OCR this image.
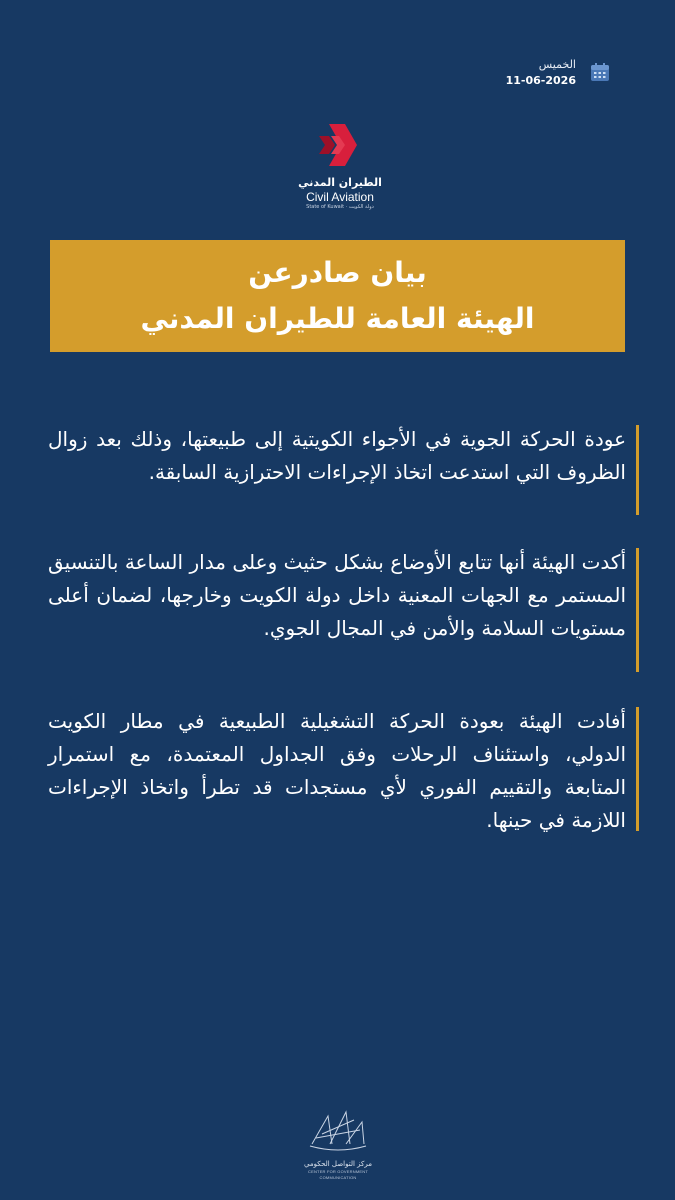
الخميس
11-06-2026
الطيران المدني
Civil Aviation
State of Kuwait · دولة الكويت
بيان صادرعن
الهيئة العامة للطيران المدني
عودة الحركة الجوية في الأجواء الكويتية إلى طبيعتها، وذلك بعد زوال الظروف التي استدعت اتخاذ الإجراءات الاحترازية السابقة.
أكدت الهيئة أنها تتابع الأوضاع بشكل حثيث وعلى مدار الساعة بالتنسيق المستمر مع الجهات المعنية داخل دولة الكويت وخارجها، لضمان أعلى مستويات السلامة والأمن في المجال الجوي.
أفادت الهيئة بعودة الحركة التشغيلية الطبيعية في مطار الكويت الدولي، واستئناف الرحلات وفق الجداول المعتمدة، مع استمرار المتابعة والتقييم الفوري لأي مستجدات قد تطرأ واتخاذ الإجراءات اللازمة في حينها.
مركز التواصل الحكومي
CENTER FOR GOVERNMENT COMMUNICATION
